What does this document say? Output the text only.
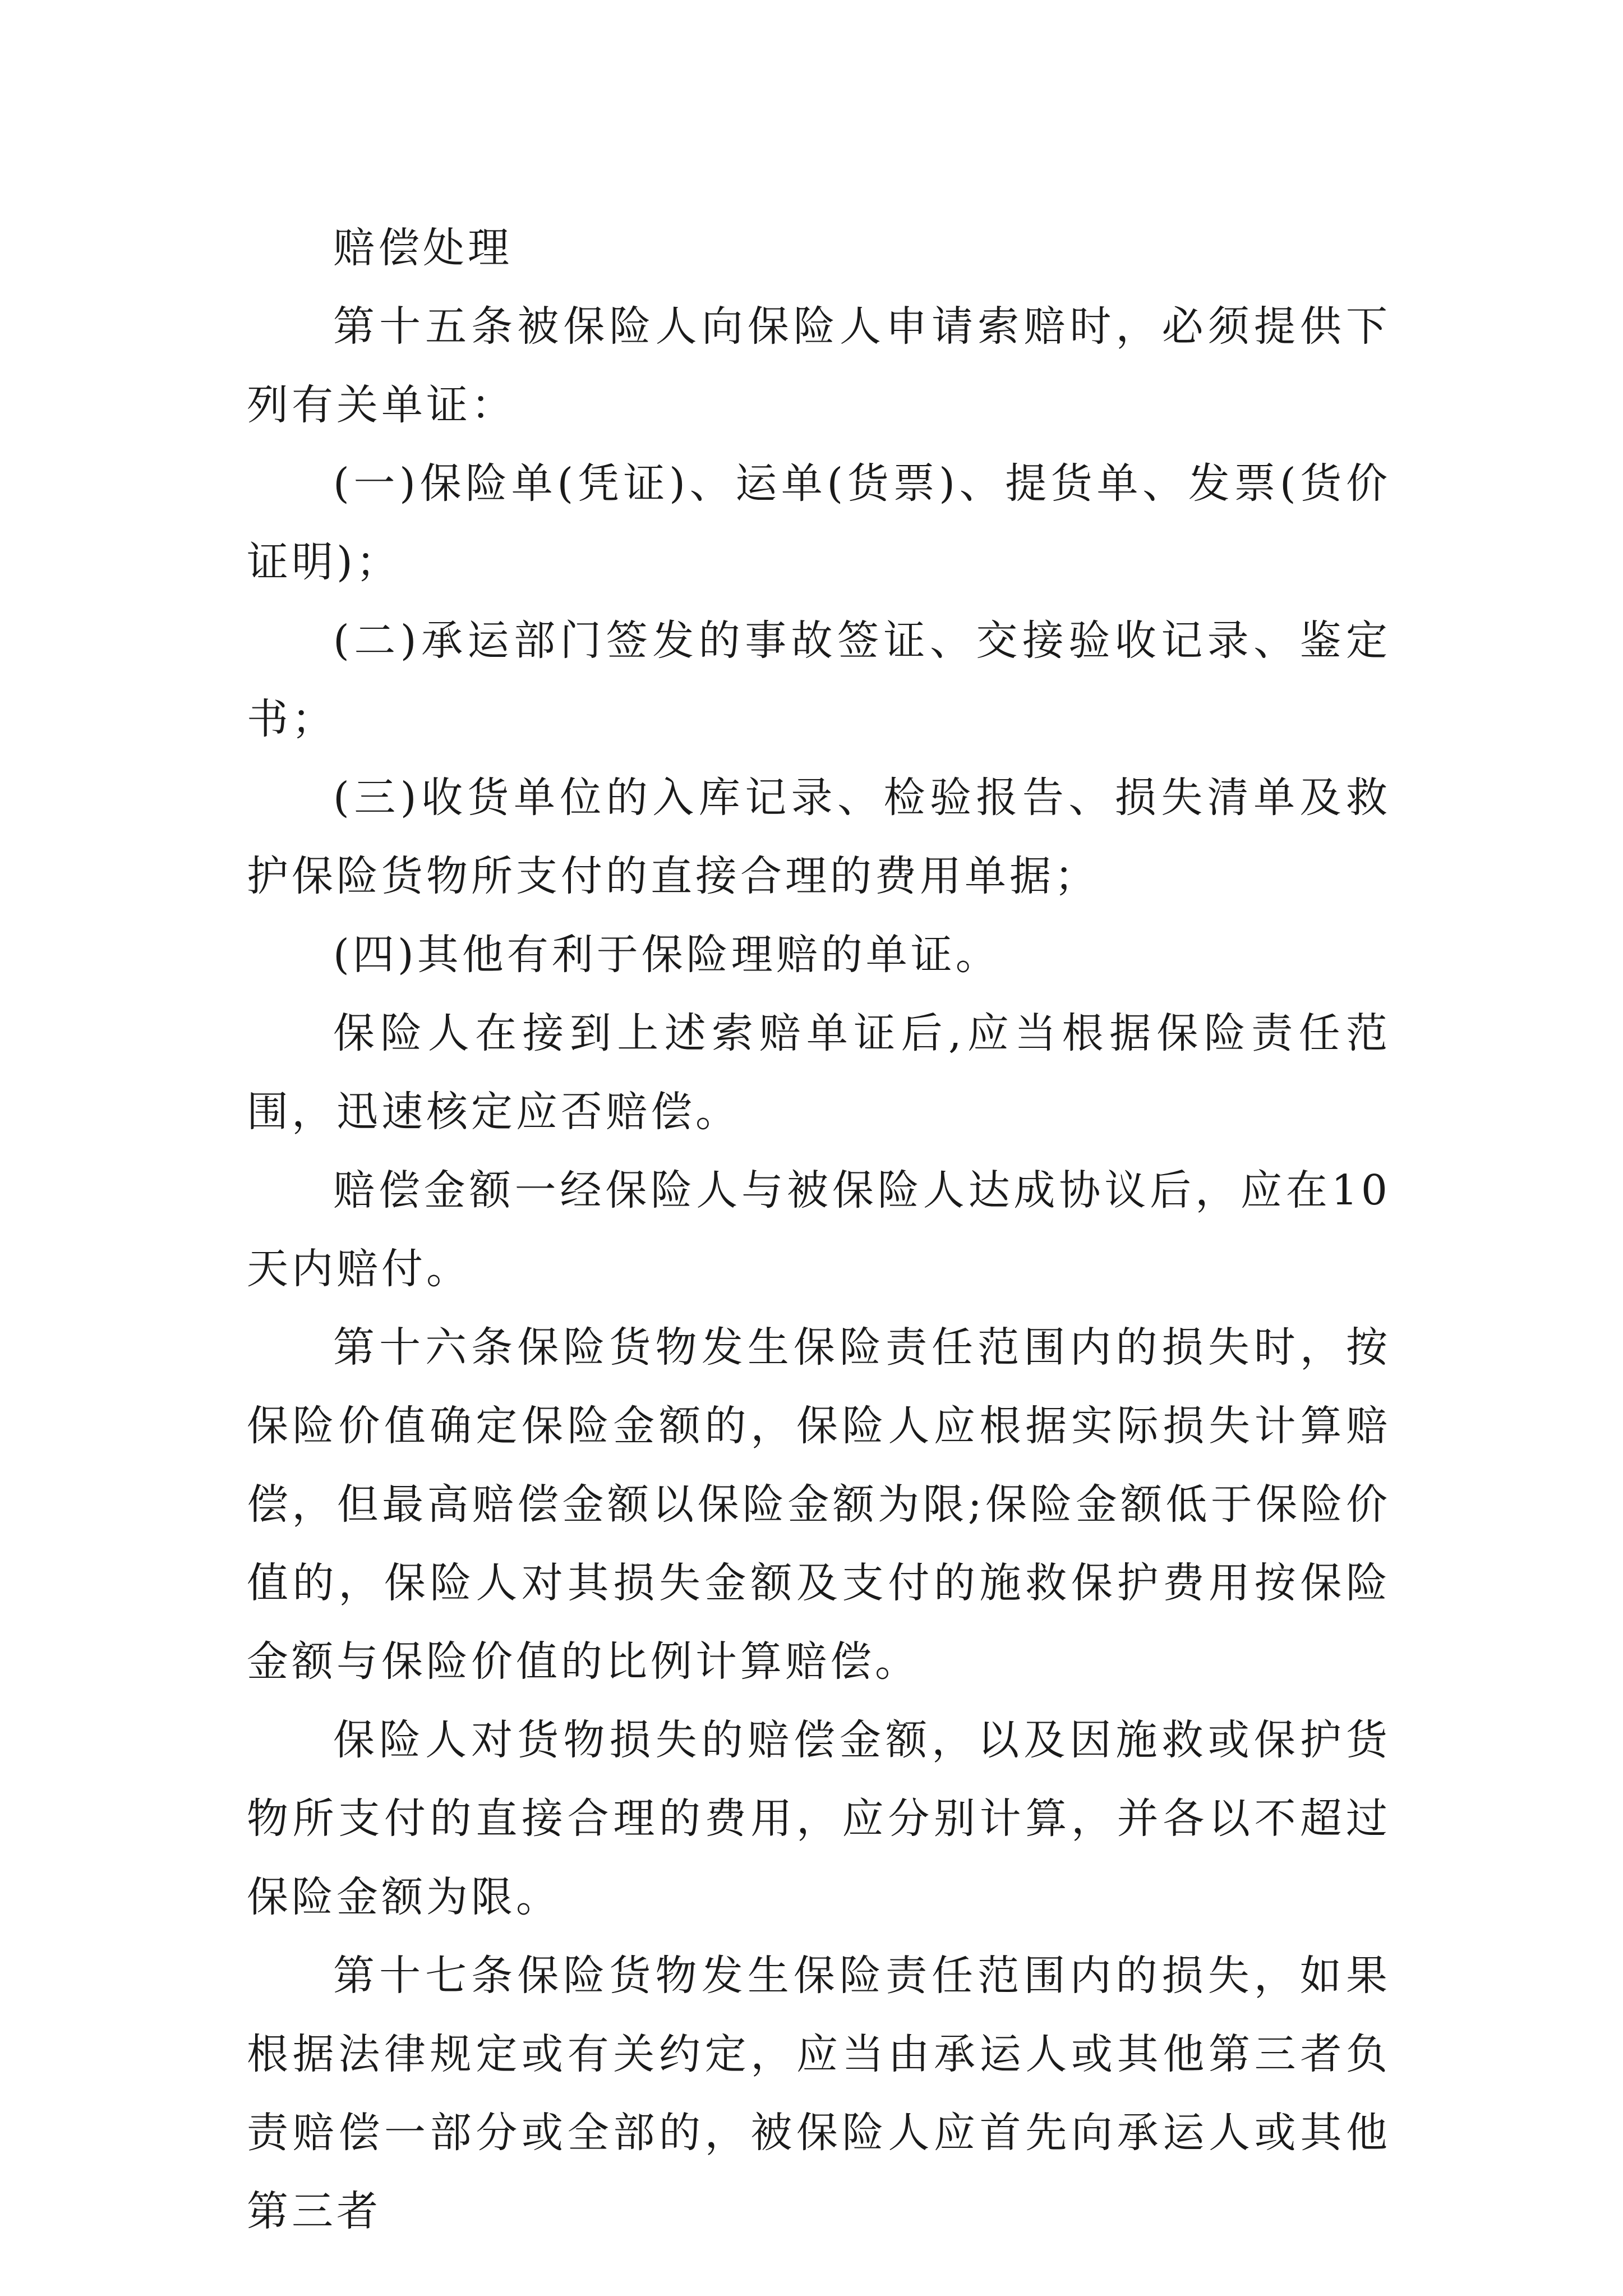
赔偿处理

第十五条被保险人向保险人申请索赔时，必须提供下列有关单证：

(一)保险单(凭证)、运单(货票)、提货单、发票(货价证明)；

(二)承运部门签发的事故签证、交接验收记录、鉴定书；

(三)收货单位的入库记录、检验报告、损失清单及救护保险货物所支付的直接合理的费用单据；

(四)其他有利于保险理赔的单证。

保险人在接到上述索赔单证后,应当根据保险责任范围，迅速核定应否赔偿。

赔偿金额一经保险人与被保险人达成协议后，应在10天内赔付。

第十六条保险货物发生保险责任范围内的损失时，按保险价值确定保险金额的，保险人应根据实际损失计算赔偿，但最高赔偿金额以保险金额为限;保险金额低于保险价值的，保险人对其损失金额及支付的施救保护费用按保险金额与保险价值的比例计算赔偿。

保险人对货物损失的赔偿金额，以及因施救或保护货物所支付的直接合理的费用，应分别计算，并各以不超过保险金额为限。

第十七条保险货物发生保险责任范围内的损失，如果根据法律规定或有关约定，应当由承运人或其他第三者负责赔偿一部分或全部的，被保险人应首先向承运人或其他第三者
